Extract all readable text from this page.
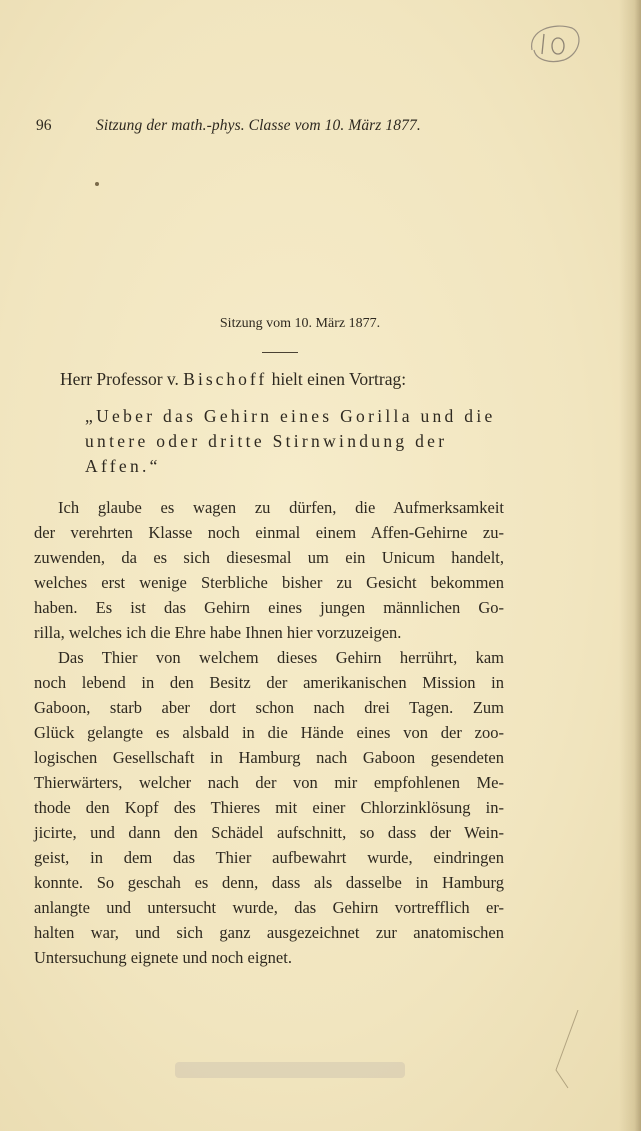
10
96	Sitzung der math.-phys. Classe vom 10. März 1877.
Sitzung vom 10. März 1877.
Herr Professor v. Bischoff hielt einen Vortrag:
„Ueber das Gehirn eines Gorilla und die
untere oder dritte Stirnwindung der
Affen.“

Ich glaube es wagen zu dürfen, die Aufmerksamkeit
der verehrten Klasse noch einmal einem Affen-Gehirne zu-
zuwenden, da es sich diesesmal um ein Unicum handelt,
welches erst wenige Sterbliche bisher zu Gesicht bekommen
haben. Es ist das Gehirn eines jungen männlichen Go-
rilla, welches ich die Ehre habe Ihnen hier vorzuzeigen.

Das Thier von welchem dieses Gehirn herrührt, kam
noch lebend in den Besitz der amerikanischen Mission in
Gaboon, starb aber dort schon nach drei Tagen. Zum
Glück gelangte es alsbald in die Hände eines von der zoo-
logischen Gesellschaft in Hamburg nach Gaboon gesendeten
Thierwärters, welcher nach der von mir empfohlenen Me-
thode den Kopf des Thieres mit einer Chlorzinklösung in-
jicirte, und dann den Schädel aufschnitt, so dass der Wein-
geist, in dem das Thier aufbewahrt wurde, eindringen
konnte. So geschah es denn, dass als dasselbe in Hamburg
anlangte und untersucht wurde, das Gehirn vortrefflich er-
halten war, und sich ganz ausgezeichnet zur anatomischen
Untersuchung eignete und noch eignet.
